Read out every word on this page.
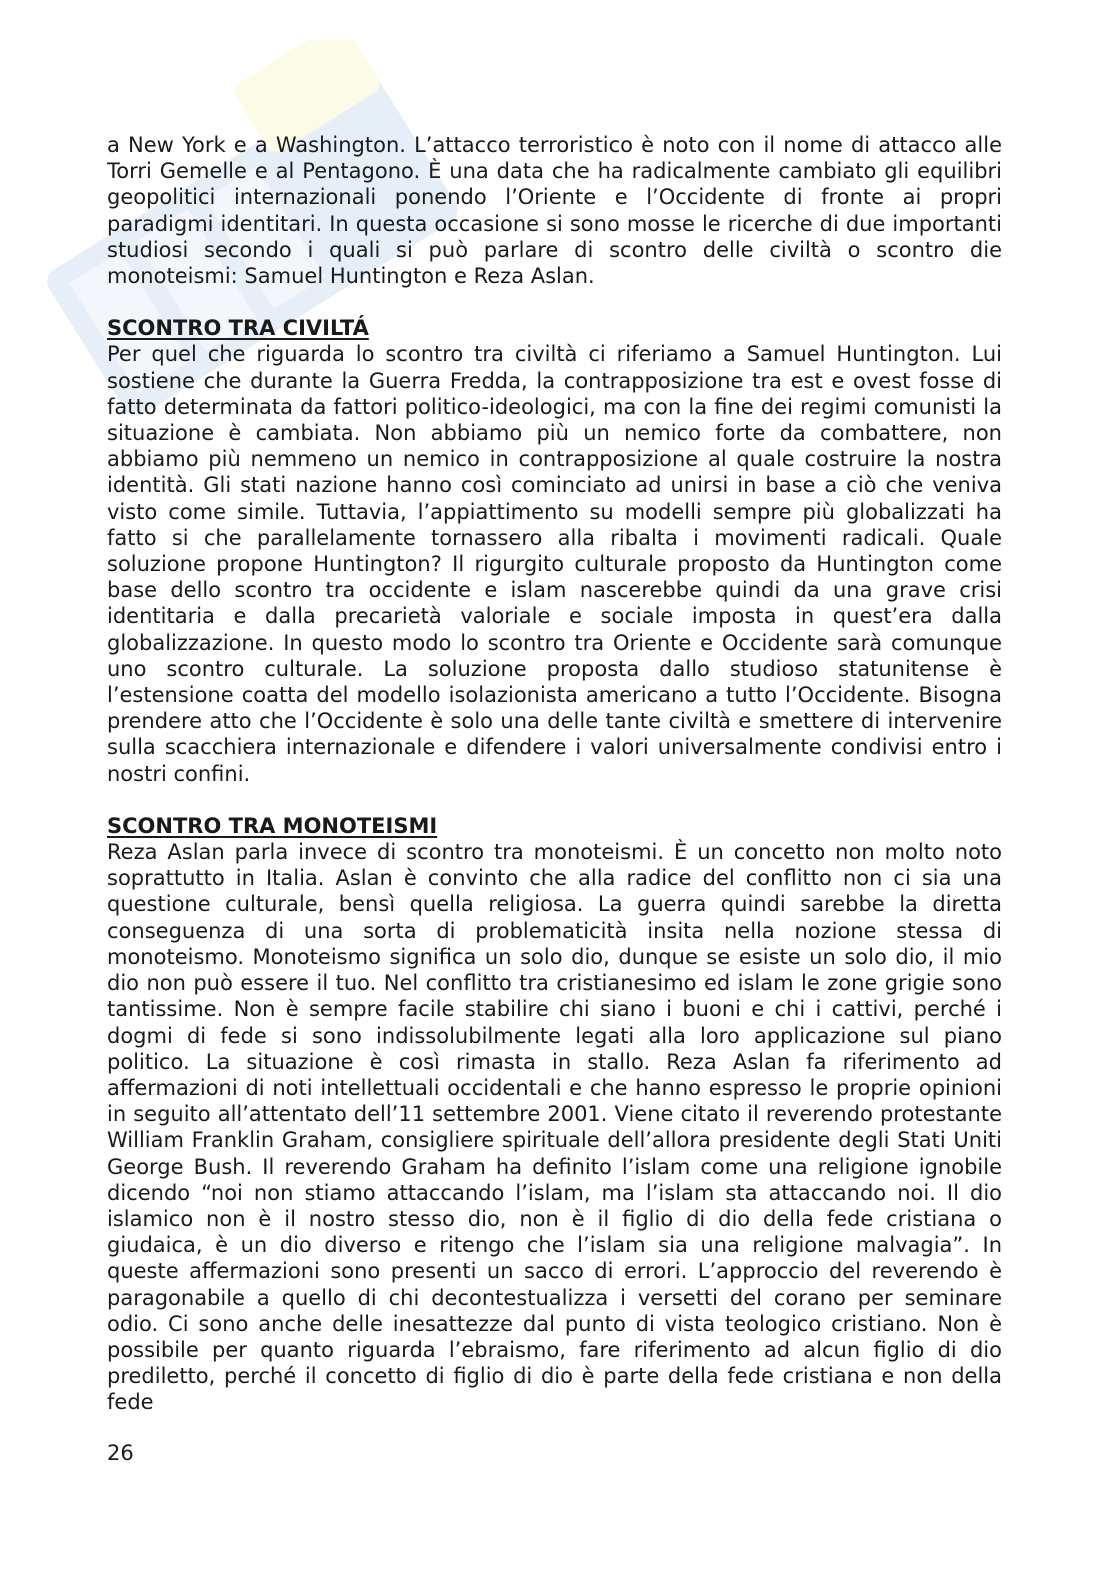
a New York e a Washington. L’attacco terroristico è noto con il nome di attacco alle Torri Gemelle e al Pentagono. È una data che ha radicalmente cambiato gli equilibri geopolitici internazionali ponendo l’Oriente e l’Occidente di fronte ai propri paradigmi identitari. In questa occasione si sono mosse le ricerche di due importanti studiosi secondo i quali si può parlare di scontro delle civiltà o scontro die monoteismi: Samuel Huntington e Reza Aslan.

SCONTRO TRA CIVILTÁ

Per quel che riguarda lo scontro tra civiltà ci riferiamo a Samuel Huntington. Lui sostiene che durante la Guerra Fredda, la contrapposizione tra est e ovest fosse di fatto determinata da fattori politico-ideologici, ma con la fine dei regimi comunisti la situazione è cambiata. Non abbiamo più un nemico forte da combattere, non abbiamo più nemmeno un nemico in contrapposizione al quale costruire la nostra identità. Gli stati nazione hanno così cominciato ad unirsi in base a ciò che veniva visto come simile. Tuttavia, l’appiattimento su modelli sempre più globalizzati ha fatto si che parallelamente tornassero alla ribalta i movimenti radicali. Quale soluzione propone Huntington? Il rigurgito culturale proposto da Huntington come base dello scontro tra occidente e islam nascerebbe quindi da una grave crisi identitaria e dalla precarietà valoriale e sociale imposta in quest’era dalla globalizzazione. In questo modo lo scontro tra Oriente e Occidente sarà comunque uno scontro culturale. La soluzione proposta dallo studioso statunitense è l’estensione coatta del modello isolazionista americano a tutto l’Occidente. Bisogna prendere atto che l’Occidente è solo una delle tante civiltà e smettere di intervenire sulla scacchiera internazionale e difendere i valori universalmente condivisi entro i nostri confini.

SCONTRO TRA MONOTEISMI

Reza Aslan parla invece di scontro tra monoteismi. È un concetto non molto noto soprattutto in Italia. Aslan è convinto che alla radice del conflitto non ci sia una questione culturale, bensì quella religiosa. La guerra quindi sarebbe la diretta conseguenza di una sorta di problematicità insita nella nozione stessa di monoteismo. Monoteismo significa un solo dio, dunque se esiste un solo dio, il mio dio non può essere il tuo. Nel conflitto tra cristianesimo ed islam le zone grigie sono tantissime. Non è sempre facile stabilire chi siano i buoni e chi i cattivi, perché i dogmi di fede si sono indissolubilmente legati alla loro applicazione sul piano politico. La situazione è così rimasta in stallo. Reza Aslan fa riferimento ad affermazioni di noti intellettuali occidentali e che hanno espresso le proprie opinioni in seguito all’attentato dell’11 settembre 2001. Viene citato il reverendo protestante William Franklin Graham, consigliere spirituale dell’allora presidente degli Stati Uniti George Bush. Il reverendo Graham ha definito l’islam come una religione ignobile dicendo “noi non stiamo attaccando l’islam, ma l’islam sta attaccando noi. Il dio islamico non è il nostro stesso dio, non è il figlio di dio della fede cristiana o giudaica, è un dio diverso e ritengo che l’islam sia una religione malvagia”. In queste affermazioni sono presenti un sacco di errori. L’approccio del reverendo è paragonabile a quello di chi decontestualizza i versetti del corano per seminare odio. Ci sono anche delle inesattezze dal punto di vista teologico cristiano. Non è possibile per quanto riguarda l’ebraismo, fare riferimento ad alcun figlio di dio prediletto, perché il concetto di figlio di dio è parte della fede cristiana e non della fede

26
